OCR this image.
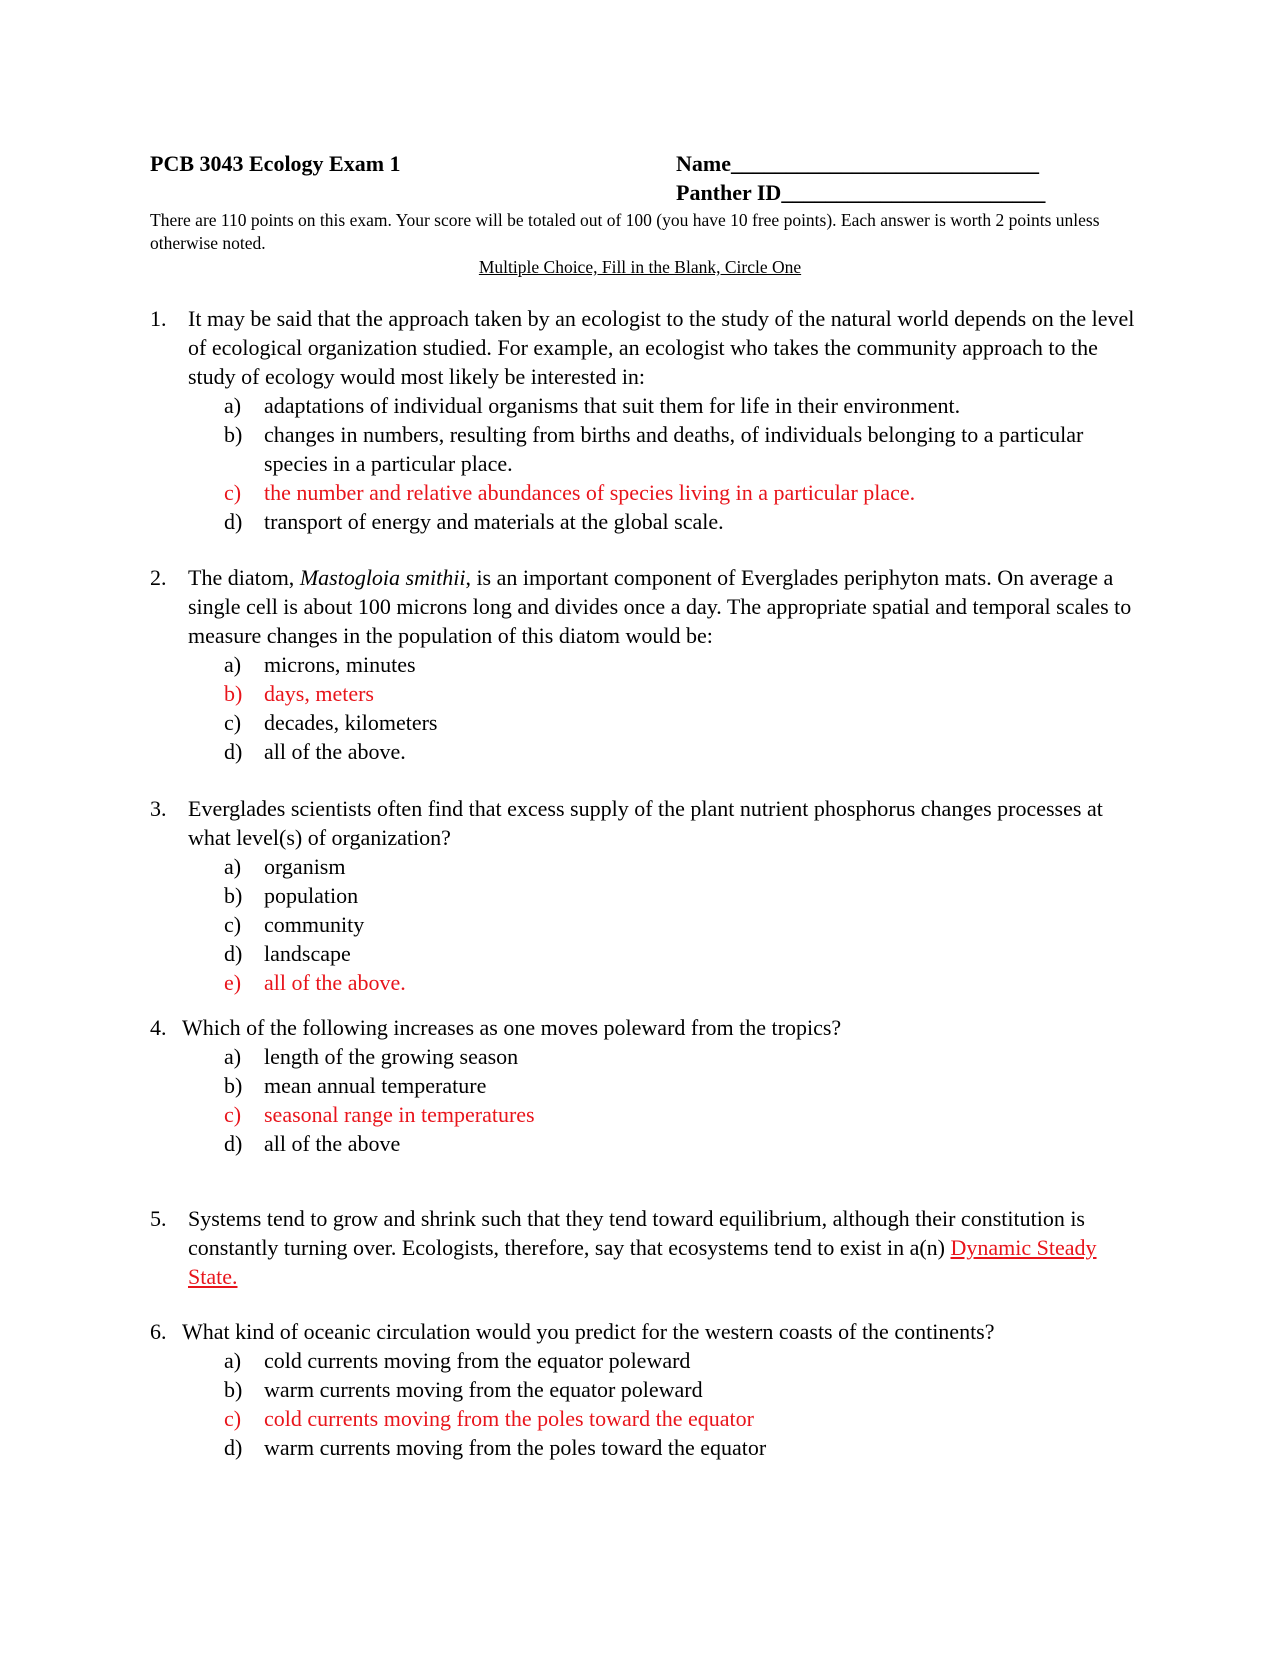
PCB 3043 Ecology Exam 1	Name____________________________
Panther ID________________________
There are 110 points on this exam. Your score will be totaled out of 100 (you have 10 free points). Each answer is worth 2 points unless otherwise noted.
Multiple Choice, Fill in the Blank, Circle One
1. It may be said that the approach taken by an ecologist to the study of the natural world depends on the level of ecological organization studied. For example, an ecologist who takes the community approach to the study of ecology would most likely be interested in:
a)	adaptations of individual organisms that suit them for life in their environment.
b) changes in numbers, resulting from births and deaths, of individuals belonging to a particular species in a particular place.
c)	the number and relative abundances of species living in a particular place.
d) transport of energy and materials at the global scale.
2. The diatom, Mastogloia smithii, is an important component of Everglades periphyton mats. On average a single cell is about 100 microns long and divides once a day. The appropriate spatial and temporal scales to measure changes in the population of this diatom would be:
a)	microns, minutes
b) days, meters
c)	decades, kilometers
d) all of the above.
3. Everglades scientists often find that excess supply of the plant nutrient phosphorus changes processes at what level(s) of organization?
a)	organism
b) population
c)	community
d) landscape
e)	all of the above.
4. Which of the following increases as one moves poleward from the tropics?
a)	length of the growing season
b) mean annual temperature
c)	seasonal range in temperatures
d) all of the above
5. Systems tend to grow and shrink such that they tend toward equilibrium, although their constitution is constantly turning over. Ecologists, therefore, say that ecosystems tend to exist in a(n) Dynamic Steady State.
6. What kind of oceanic circulation would you predict for the western coasts of the continents?
a)	cold currents moving from the equator poleward
b) warm currents moving from the equator poleward
c)	cold currents moving from the poles toward the equator
d) warm currents moving from the poles toward the equator
